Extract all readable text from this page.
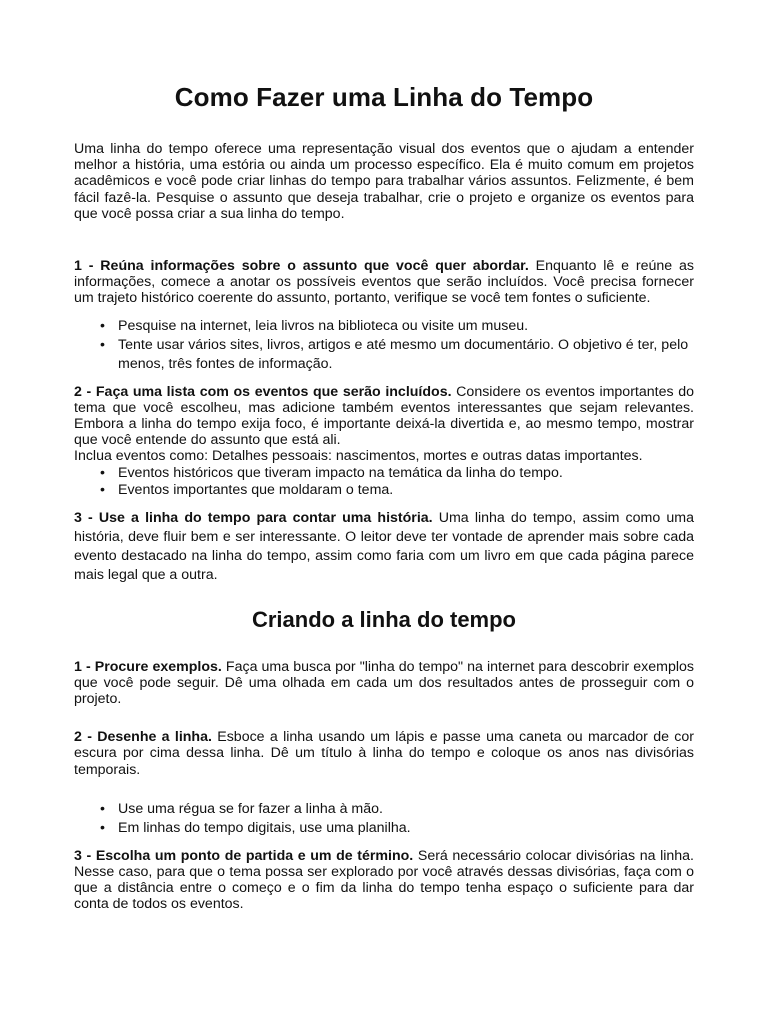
Como Fazer uma Linha do Tempo

Uma linha do tempo oferece uma representação visual dos eventos que o ajudam a entender melhor a história, uma estória ou ainda um processo específico. Ela é muito comum em projetos acadêmicos e você pode criar linhas do tempo para trabalhar vários assuntos. Felizmente, é bem fácil fazê-la. Pesquise o assunto que deseja trabalhar, crie o projeto e organize os eventos para que você possa criar a sua linha do tempo.

1 - Reúna informações sobre o assunto que você quer abordar. Enquanto lê e reúne as informações, comece a anotar os possíveis eventos que serão incluídos. Você precisa fornecer um trajeto histórico coerente do assunto, portanto, verifique se você tem fontes o suficiente.

• Pesquise na internet, leia livros na biblioteca ou visite um museu.
• Tente usar vários sites, livros, artigos e até mesmo um documentário. O objetivo é ter, pelo menos, três fontes de informação.

2 - Faça uma lista com os eventos que serão incluídos. Considere os eventos importantes do tema que você escolheu, mas adicione também eventos interessantes que sejam relevantes. Embora a linha do tempo exija foco, é importante deixá-la divertida e, ao mesmo tempo, mostrar que você entende do assunto que está ali.

Inclua eventos como: Detalhes pessoais: nascimentos, mortes e outras datas importantes.

• Eventos históricos que tiveram impacto na temática da linha do tempo.
• Eventos importantes que moldaram o tema.

3 - Use a linha do tempo para contar uma história. Uma linha do tempo, assim como uma história, deve fluir bem e ser interessante. O leitor deve ter vontade de aprender mais sobre cada evento destacado na linha do tempo, assim como faria com um livro em que cada página parece mais legal que a outra.

Criando a linha do tempo

1 - Procure exemplos. Faça uma busca por "linha do tempo" na internet para descobrir exemplos que você pode seguir. Dê uma olhada em cada um dos resultados antes de prosseguir com o projeto.

2 - Desenhe a linha. Esboce a linha usando um lápis e passe uma caneta ou marcador de cor escura por cima dessa linha. Dê um título à linha do tempo e coloque os anos nas divisórias temporais.

• Use uma régua se for fazer a linha à mão.
• Em linhas do tempo digitais, use uma planilha.

3 - Escolha um ponto de partida e um de término. Será necessário colocar divisórias na linha. Nesse caso, para que o tema possa ser explorado por você através dessas divisórias, faça com o que a distância entre o começo e o fim da linha do tempo tenha espaço o suficiente para dar conta de todos os eventos.
